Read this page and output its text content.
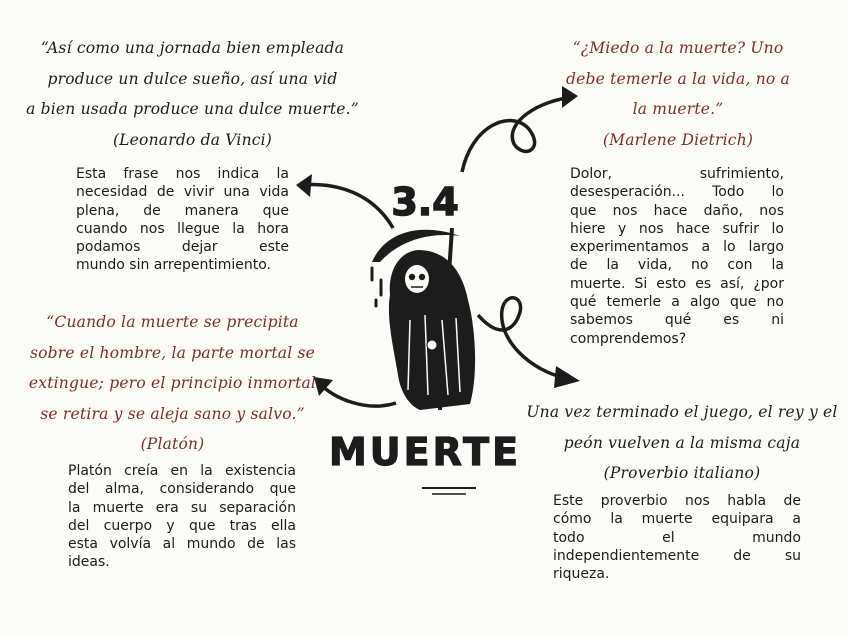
“Así como una jornada bien empleada
produce un dulce sueño, así una vid
a bien usada produce una dulce muerte.”
(Leonardo da Vinci)
Esta frase nos indica la
necesidad de vivir una vida
plena, de manera que
cuando nos llegue la hora
podamos dejar este
mundo sin arrepentimiento.
“¿Miedo a la muerte? Uno
debe temerle a la vida, no a
la muerte.”
(Marlene Dietrich)
Dolor, sufrimiento,
desesperación... Todo lo
que nos hace daño, nos
hiere y nos hace sufrir lo
experimentamos a lo largo
de la vida, no con la
muerte. Si esto es así, ¿por
qué temerle a algo que no
sabemos qué es ni
comprendemos?
“Cuando la muerte se precipita
sobre el hombre, la parte mortal se
extingue; pero el principio inmortal
se retira y se aleja sano y salvo.”
(Platón)
Platón creía en la existencia
del alma, considerando que
la muerte era su separación
del cuerpo y que tras ella
esta volvía al mundo de las
ideas.
Una vez terminado el juego, el rey y el
peón vuelven a la misma caja
(Proverbio italiano)
Este proverbio nos habla de
cómo la muerte equipara a
todo el mundo
independientemente de su
riqueza.
3.4
MUERTE
